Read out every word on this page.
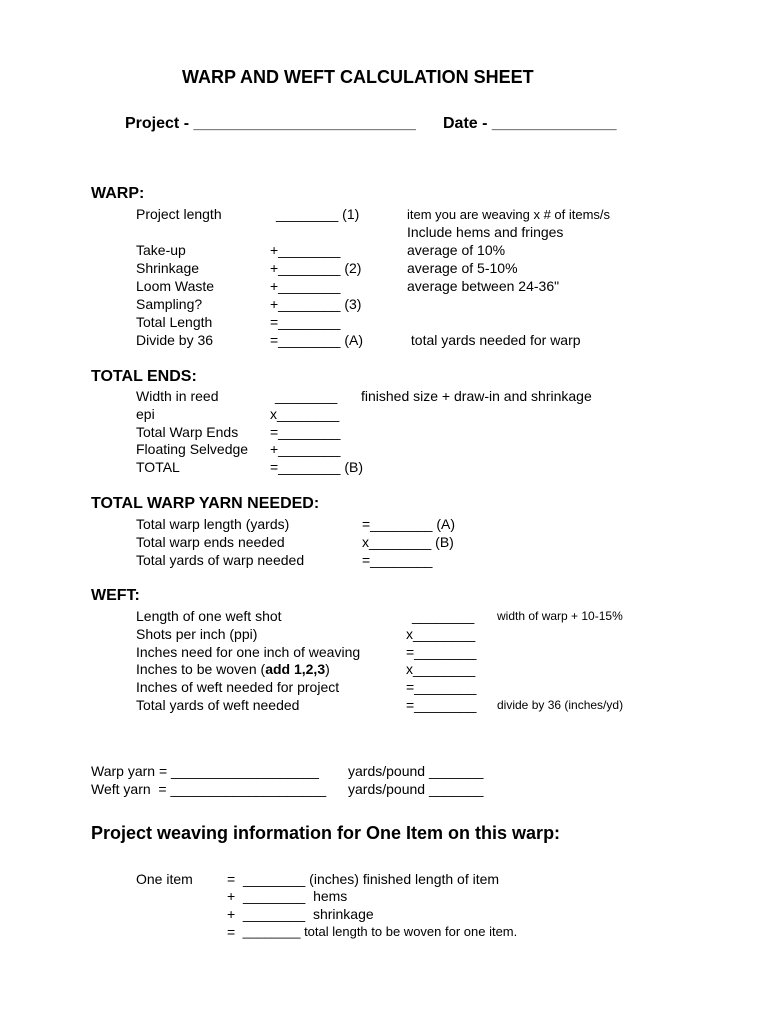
WARP AND WEFT CALCULATION SHEET
Project - _________________________ Date - ______________
WARP:
Project length	________ (1)	item you are weaving x # of items/s
Include hems and fringes
Take-up	+________	average of 10%
Shrinkage	+________ (2)	average of 5-10%
Loom Waste	+________	average between 24-36"
Sampling?	+________ (3)
Total Length	=________
Divide by 36	=________ (A)	total yards needed for warp
TOTAL ENDS:
Width in reed	________ finished size + draw-in and shrinkage
epi	x________
Total Warp Ends =________
Floating Selvedge +________
TOTAL	=________ (B)
TOTAL WARP YARN NEEDED:
Total warp length (yards)	=________ (A)
Total warp ends needed	x________ (B)
Total yards of warp needed	=________
WEFT:
Length of one weft shot	________ width of warp + 10-15%
Shots per inch (ppi)	x________
Inches need for one inch of weaving	=________
Inches to be woven (add 1,2,3)	x________
Inches of weft needed for project	=________
Total yards of weft needed	=________ divide by 36 (inches/yd)
Warp yarn = ___________________ yards/pound _______
Weft yarn  = ____________________ yards/pound _______
Project weaving information for One Item on this warp:
One item = ________ (inches) finished length of item
+ ________  hems
+ ________  shrinkage
= ________ total length to be woven for one item.
